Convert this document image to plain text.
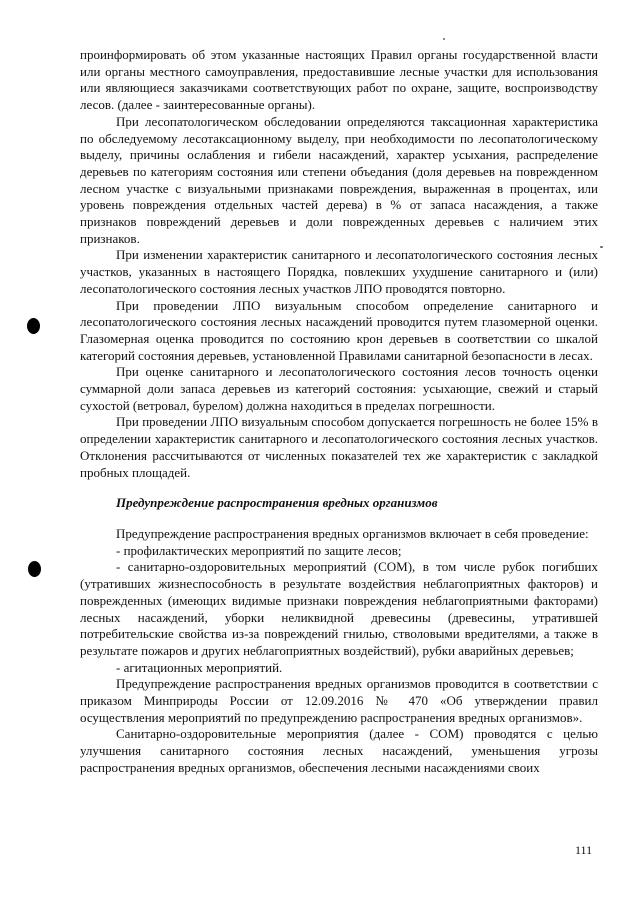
проинформировать об этом указанные настоящих Правил органы государственной власти или органы местного самоуправления, предоставившие лесные участки для использования или являющиеся заказчиками соответствующих работ по охране, защите, воспроизводству лесов. (далее - заинтересованные органы).

При лесопатологическом обследовании определяются таксационная характеристика по обследуемому лесотаксационному выделу, при необходимости по лесопатологическому выделу, причины ослабления и гибели насаждений, характер усыхания, распределение деревьев по категориям состояния или степени объедания (доля деревьев на поврежденном лесном участке с визуальными признаками повреждения, выраженная в процентах, или уровень повреждения отдельных частей дерева) в % от запаса насаждения, а также признаков повреждений деревьев и доли поврежденных деревьев с наличием этих признаков.

При изменении характеристик санитарного и лесопатологического состояния лесных участков, указанных в настоящего Порядка, повлекших ухудшение санитарного и (или) лесопатологического состояния лесных участков ЛПО проводятся повторно.

При проведении ЛПО визуальным способом определение санитарного и лесопатологического состояния лесных насаждений проводится путем глазомерной оценки. Глазомерная оценка проводится по состоянию крон деревьев в соответствии со шкалой категорий состояния деревьев, установленной Правилами санитарной безопасности в лесах.

При оценке санитарного и лесопатологического состояния лесов точность оценки суммарной доли запаса деревьев из категорий состояния: усыхающие, свежий и старый сухостой (ветровал, бурелом) должна находиться в пределах погрешности.

При проведении ЛПО визуальным способом допускается погрешность не более 15% в определении характеристик санитарного и лесопатологического состояния лесных участков. Отклонения рассчитываются от численных показателей тех же характеристик с закладкой пробных площадей.

Предупреждение распространения вредных организмов

Предупреждение распространения вредных организмов включает в себя проведение:

- профилактических мероприятий по защите лесов;

- санитарно-оздоровительных мероприятий (СОМ), в том числе рубок погибших (утративших жизнеспособность в результате воздействия неблагоприятных факторов) и поврежденных (имеющих видимые признаки повреждения неблагоприятными факторами) лесных насаждений, уборки неликвидной древесины (древесины, утратившей потребительские свойства из-за повреждений гнилью, стволовыми вредителями, а также в результате пожаров и других неблагоприятных воздействий), рубки аварийных деревьев;

- агитационных мероприятий.

Предупреждение распространения вредных организмов проводится в соответствии с приказом Минприроды России от 12.09.2016 № 470 «Об утверждении правил осуществления мероприятий по предупреждению распространения вредных организмов».

Санитарно-оздоровительные мероприятия (далее - СОМ) проводятся с целью улучшения санитарного состояния лесных насаждений, уменьшения угрозы распространения вредных организмов, обеспечения лесными насаждениями своих

111
